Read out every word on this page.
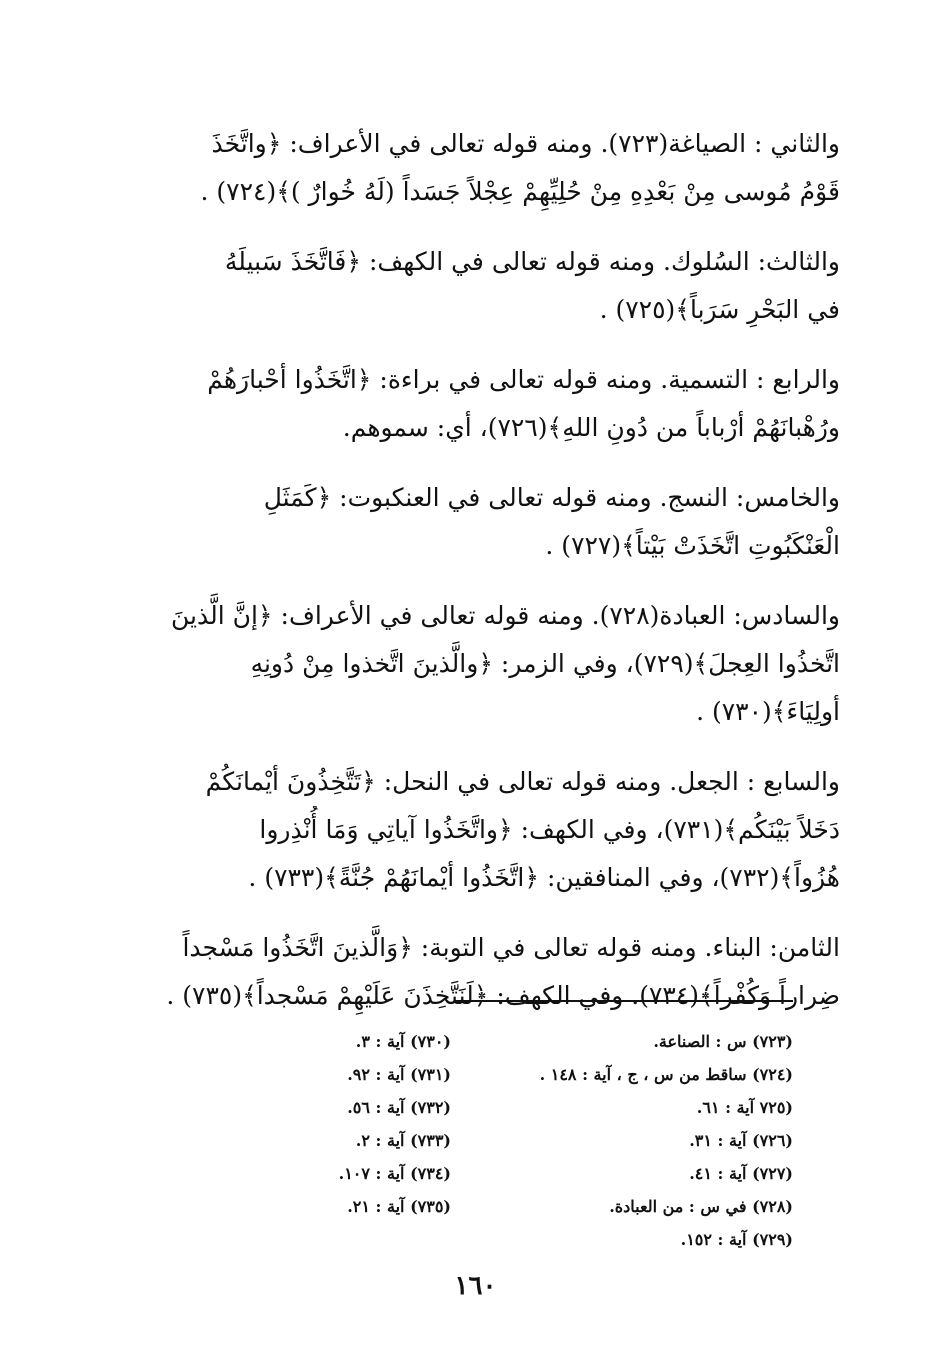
والثاني : الصياغة(٧٢٣). ومنه قوله تعالى في الأعراف: ﴿واتَّخَذَ
قَوْمُ مُوسى مِنْ بَعْدِهِ مِنْ حُلِيِّهِمْ عِجْلاً جَسَداً (لَهُ خُوارٌ )﴾(٧٢٤) .

والثالث: السُلوك. ومنه قوله تعالى في الكهف: ﴿فَاتَّخَذَ سَبيلَهُ
في البَحْرِ سَرَباً﴾(٧٢٥) .

والرابع : التسمية. ومنه قوله تعالى في براءة: ﴿اتَّخَذُوا أحْبارَهُمْ
ورُهْبانَهُمْ أرْباباً من دُونِ اللهِ﴾(٧٢٦)، أي: سموهم.

والخامس: النسج. ومنه قوله تعالى في العنكبوت: ﴿كَمَثَلِ
الْعَنْكَبُوتِ اتَّخَذَتْ بَيْتاً﴾(٧٢٧) .

والسادس: العبادة(٧٢٨). ومنه قوله تعالى في الأعراف: ﴿إنَّ الَّذينَ
اتَّخذُوا العِجلَ﴾(٧٢٩)، وفي الزمر: ﴿والَّذينَ اتَّخذوا مِنْ دُونِهِ
أولِيَاءَ﴾(٧٣٠) .

والسابع : الجعل. ومنه قوله تعالى في النحل: ﴿تَتَّخِذُونَ أيْمانَكُمْ
دَخَلاً بَيْنَكُم﴾(٧٣١)، وفي الكهف: ﴿واتَّخَذُوا آياتِي وَمَا أُنْذِروا
هُزُواً﴾(٧٣٢)، وفي المنافقين: ﴿اتَّخَذُوا أيْمانَهُمْ جُنَّةً﴾(٧٣٣) .

الثامن: البناء. ومنه قوله تعالى في التوبة: ﴿وَالَّذينَ اتَّخَذُوا مَسْجداً
ضِراراً وَكُفْراً﴾(٧٣٤). وفي الكهف: ﴿لَنَتَّخِذَنَ عَلَيْهِمْ مَسْجداً﴾(٧٣٥) .

(٧٢٣) س : الصناعة.
(٧٢٤) ساقط من س ، ج ، آية : ١٤٨ .
(٧٢٥ آية : ٦١.
(٧٢٦) آية : ٣١.
(٧٢٧) آية : ٤١.
(٧٢٨) في س : من العبادة.
(٧٢٩) آية : ١٥٢.
(٧٣٠) آية : ٣.
(٧٣١) آية : ٩٢.
(٧٣٢) آية : ٥٦.
(٧٣٣) آية : ٢.
(٧٣٤) آية : ١٠٧.
(٧٣٥) آية : ٢١.
١٦٠
